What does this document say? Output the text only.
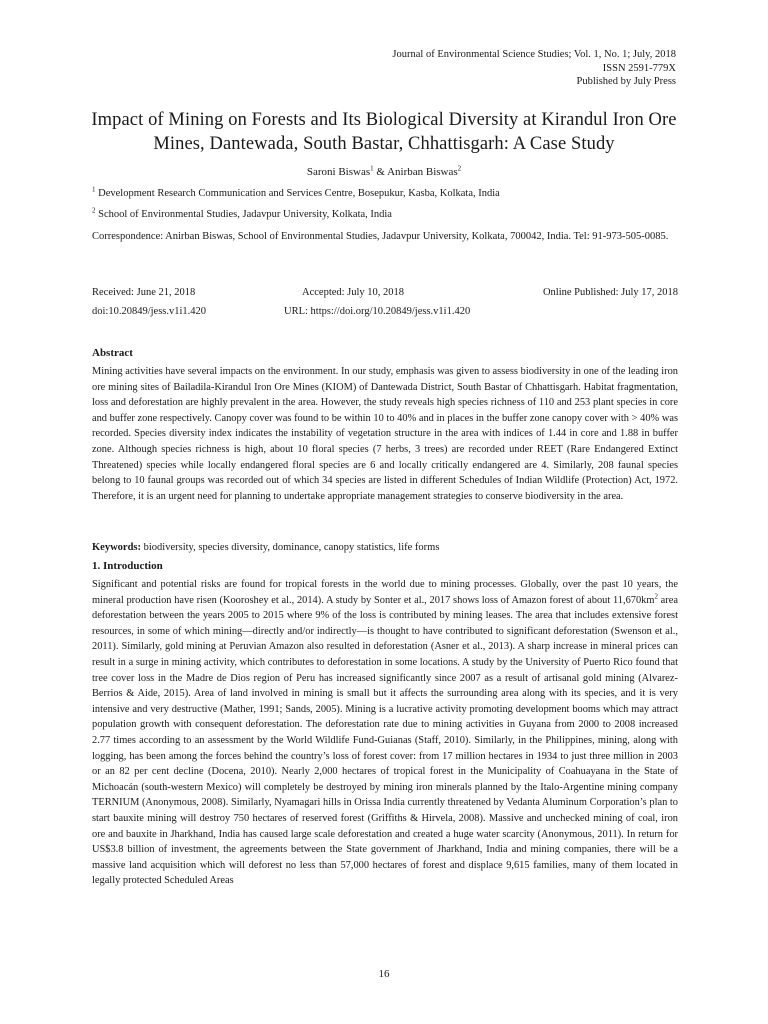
Journal of Environmental Science Studies; Vol. 1, No. 1; July, 2018
ISSN 2591-779X
Published by July Press
Impact of Mining on Forests and Its Biological Diversity at Kirandul Iron Ore Mines, Dantewada, South Bastar, Chhattisgarh: A Case Study
Saroni Biswas$^1$ & Anirban Biswas$^2$
$^1$ Development Research Communication and Services Centre, Bosepukur, Kasba, Kolkata, India
$^2$ School of Environmental Studies, Jadavpur University, Kolkata, India
Correspondence: Anirban Biswas, School of Environmental Studies, Jadavpur University, Kolkata, 700042, India. Tel: 91-973-505-0085.
Received: June 21, 2018	Accepted: July 10, 2018	Online Published: July 17, 2018
doi:10.20849/jess.v1i1.420	URL: https://doi.org/10.20849/jess.v1i1.420
Abstract

Mining activities have several impacts on the environment. In our study, emphasis was given to assess biodiversity in one of the leading iron ore mining sites of Bailadila-Kirandul Iron Ore Mines (KIOM) of Dantewada District, South Bastar of Chhattisgarh. Habitat fragmentation, loss and deforestation are highly prevalent in the area. However, the study reveals high species richness of 110 and 253 plant species in core and buffer zone respectively. Canopy cover was found to be within 10 to 40% and in places in the buffer zone canopy cover with > 40% was recorded. Species diversity index indicates the instability of vegetation structure in the area with indices of 1.44 in core and 1.88 in buffer zone. Although species richness is high, about 10 floral species (7 herbs, 3 trees) are recorded under REET (Rare Endangered Extinct Threatened) species while locally endangered floral species are 6 and locally critically endangered are 4. Similarly, 208 faunal species belong to 10 faunal groups was recorded out of which 34 species are listed in different Schedules of Indian Wildlife (Protection) Act, 1972. Therefore, it is an urgent need for planning to undertake appropriate management strategies to conserve biodiversity in the area.

Keywords: biodiversity, species diversity, dominance, canopy statistics, life forms
1. Introduction

Significant and potential risks are found for tropical forests in the world due to mining processes. Globally, over the past 10 years, the mineral production have risen (Kooroshey et al., 2014). A study by Sonter et al., 2017 shows loss of Amazon forest of about $11,670km^2$ area deforestation between the years 2005 to 2015 where 9% of the loss is contributed by mining leases. The area that includes extensive forest resources, in some of which mining—directly and/or indirectly—is thought to have contributed to significant deforestation (Swenson et al., 2011). Similarly, gold mining at Peruvian Amazon also resulted in deforestation (Asner et al., 2013). A sharp increase in mineral prices can result in a surge in mining activity, which contributes to deforestation in some locations. A study by the University of Puerto Rico found that tree cover loss in the Madre de Dios region of Peru has increased significantly since 2007 as a result of artisanal gold mining (Alvarez-Berrios & Aide, 2015). Area of land involved in mining is small but it affects the surrounding area along with its species, and it is very intensive and very destructive (Mather, 1991; Sands, 2005). Mining is a lucrative activity promoting development booms which may attract population growth with consequent deforestation. The deforestation rate due to mining activities in Guyana from 2000 to 2008 increased 2.77 times according to an assessment by the World Wildlife Fund-Guianas (Staff, 2010). Similarly, in the Philippines, mining, along with logging, has been among the forces behind the country’s loss of forest cover: from 17 million hectares in 1934 to just three million in 2003 or an 82 per cent decline (Docena, 2010). Nearly 2,000 hectares of tropical forest in the Municipality of Coahuayana in the State of Michoacán (south-western Mexico) will completely be destroyed by mining iron minerals planned by the Italo-Argentine mining company TERNIUM (Anonymous, 2008). Similarly, Nyamagari hills in Orissa India currently threatened by Vedanta Aluminum Corporation’s plan to start bauxite mining will destroy 750 hectares of reserved forest (Griffiths & Hirvela, 2008). Massive and unchecked mining of coal, iron ore and bauxite in Jharkhand, India has caused large scale deforestation and created a huge water scarcity (Anonymous, 2011). In return for US$3.8 billion of investment, the agreements between the State government of Jharkhand, India and mining companies, there will be a massive land acquisition which will deforest no less than 57,000 hectares of forest and displace 9,615 families, many of them located in legally protected Scheduled Areas

16
